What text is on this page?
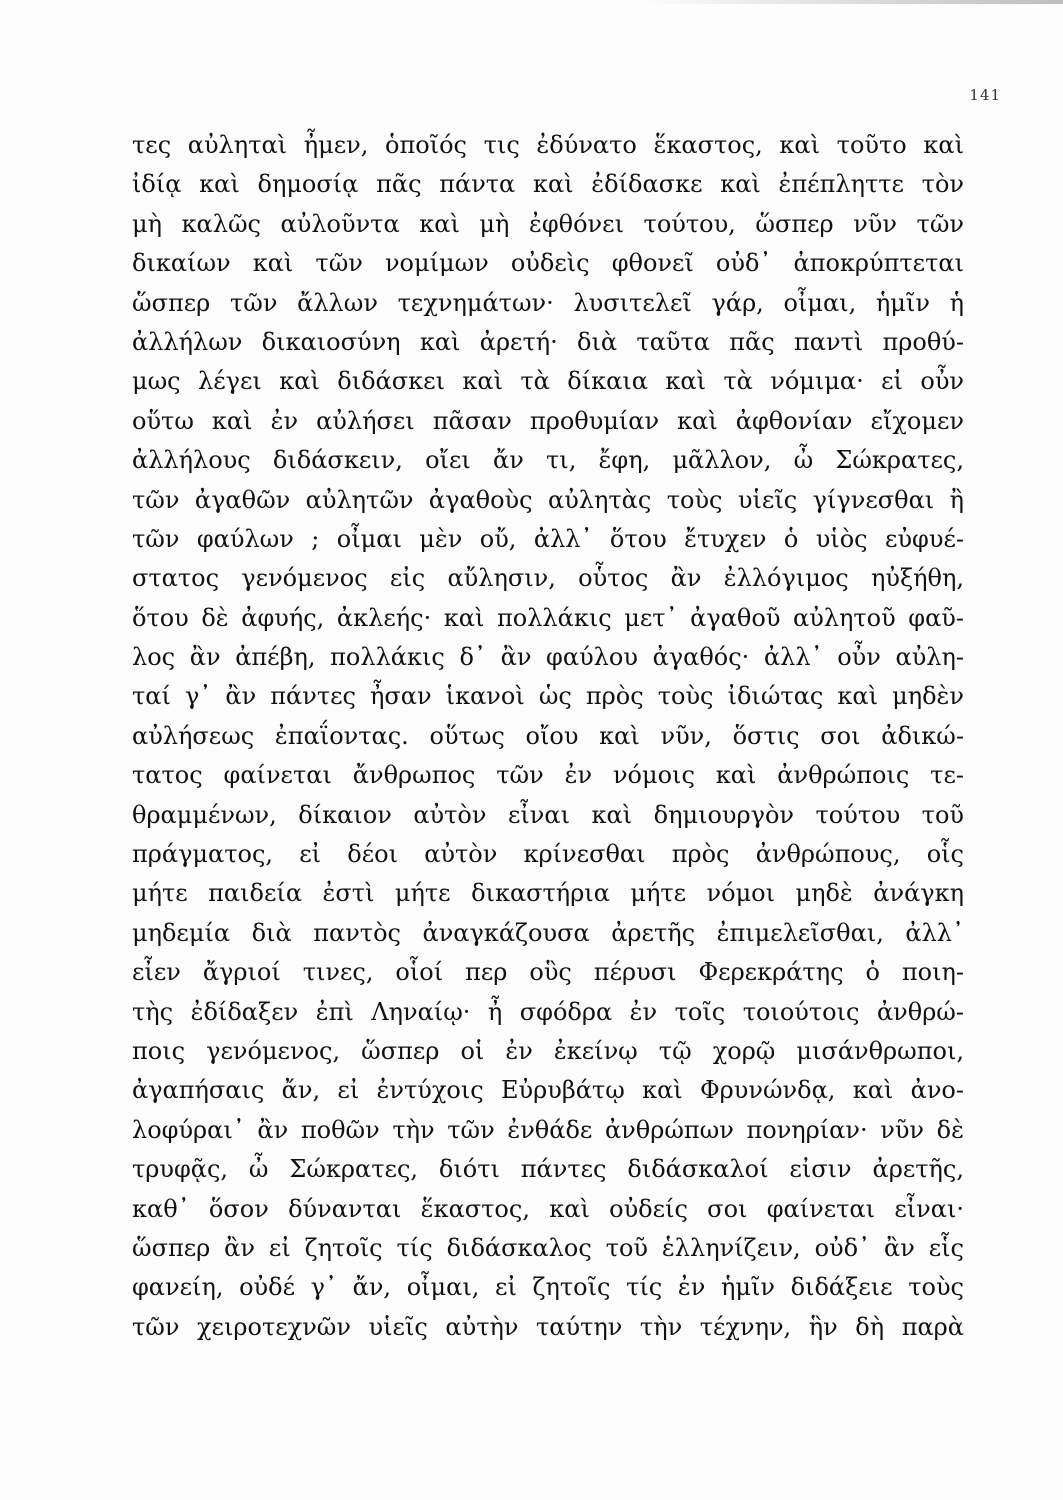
141
τες αὐληταὶ ἦμεν, ὁποῖός τις ἐδύνατο ἕκαστος, καὶ τοῦτο καὶ
ἰδίᾳ καὶ δημοσίᾳ πᾶς πάντα καὶ ἐδίδασκε καὶ ἐπέπληττε τὸν
μὴ καλῶς αὐλοῦντα καὶ μὴ ἐφθόνει τούτου, ὥσπερ νῦν τῶν
δικαίων καὶ τῶν νομίμων οὐδεὶς φθονεῖ οὐδ᾽ ἀποκρύπτεται
ὥσπερ τῶν ἄλλων τεχνημάτων· λυσιτελεῖ γάρ, οἶμαι, ἡμῖν ἡ
ἀλλήλων δικαιοσύνη καὶ ἀρετή· διὰ ταῦτα πᾶς παντὶ προθύ-
μως λέγει καὶ διδάσκει καὶ τὰ δίκαια καὶ τὰ νόμιμα· εἰ οὖν
οὕτω καὶ ἐν αὐλήσει πᾶσαν προθυμίαν καὶ ἀφθονίαν εἴχομεν
ἀλλήλους διδάσκειν, οἴει ἄν τι, ἔφη, μᾶλλον, ὦ Σώκρατες,
τῶν ἀγαθῶν αὐλητῶν ἀγαθοὺς αὐλητὰς τοὺς υἱεῖς γίγνεσθαι ἢ
τῶν φαύλων ; οἶμαι μὲν οὔ, ἀλλ᾽ ὅτου ἔτυχεν ὁ υἱὸς εὐφυέ-
στατος γενόμενος εἰς αὔλησιν, οὗτος ἂν ἐλλόγιμος ηὐξήθη,
ὅτου δὲ ἀφυής, ἀκλεής· καὶ πολλάκις μετ᾽ ἀγαθοῦ αὐλητοῦ φαῦ-
λος ἂν ἀπέβη, πολλάκις δ᾽ ἂν φαύλου ἀγαθός· ἀλλ᾽ οὖν αὐλη-
ταί γ᾽ ἂν πάντες ἦσαν ἱκανοὶ ὡς πρὸς τοὺς ἰδιώτας καὶ μηδὲν
αὐλήσεως ἐπαΐοντας. οὕτως οἴου καὶ νῦν, ὅστις σοι ἀδικώ-
τατος φαίνεται ἄνθρωπος τῶν ἐν νόμοις καὶ ἀνθρώποις τε-
θραμμένων, δίκαιον αὐτὸν εἶναι καὶ δημιουργὸν τούτου τοῦ
πράγματος, εἰ δέοι αὐτὸν κρίνεσθαι πρὸς ἀνθρώπους, οἷς
μήτε παιδεία ἐστὶ μήτε δικαστήρια μήτε νόμοι μηδὲ ἀνάγκη
μηδεμία διὰ παντὸς ἀναγκάζουσα ἀρετῆς ἐπιμελεῖσθαι, ἀλλ᾽
εἶεν ἄγριοί τινες, οἷοί περ οὓς πέρυσι Φερεκράτης ὁ ποιη-
τὴς ἐδίδαξεν ἐπὶ Ληναίῳ· ἦ σφόδρα ἐν τοῖς τοιούτοις ἀνθρώ-
ποις γενόμενος, ὥσπερ οἱ ἐν ἐκείνῳ τῷ χορῷ μισάνθρωποι,
ἀγαπήσαις ἄν, εἰ ἐντύχοις Εὐρυβάτῳ καὶ Φρυνώνδᾳ, καὶ ἀνο-
λοφύραι᾽ ἂν ποθῶν τὴν τῶν ἐνθάδε ἀνθρώπων πονηρίαν· νῦν δὲ
τρυφᾷς, ὦ Σώκρατες, διότι πάντες διδάσκαλοί εἰσιν ἀρετῆς,
καθ᾽ ὅσον δύνανται ἕκαστος, καὶ οὐδείς σοι φαίνεται εἶναι·
ὥσπερ ἂν εἰ ζητοῖς τίς διδάσκαλος τοῦ ἑλληνίζειν, οὐδ᾽ ἂν εἷς
φανείη, οὐδέ γ᾽ ἄν, οἶμαι, εἰ ζητοῖς τίς ἐν ἡμῖν διδάξειε τοὺς
τῶν χειροτεχνῶν υἱεῖς αὐτὴν ταύτην τὴν τέχνην, ἣν δὴ παρὰ
